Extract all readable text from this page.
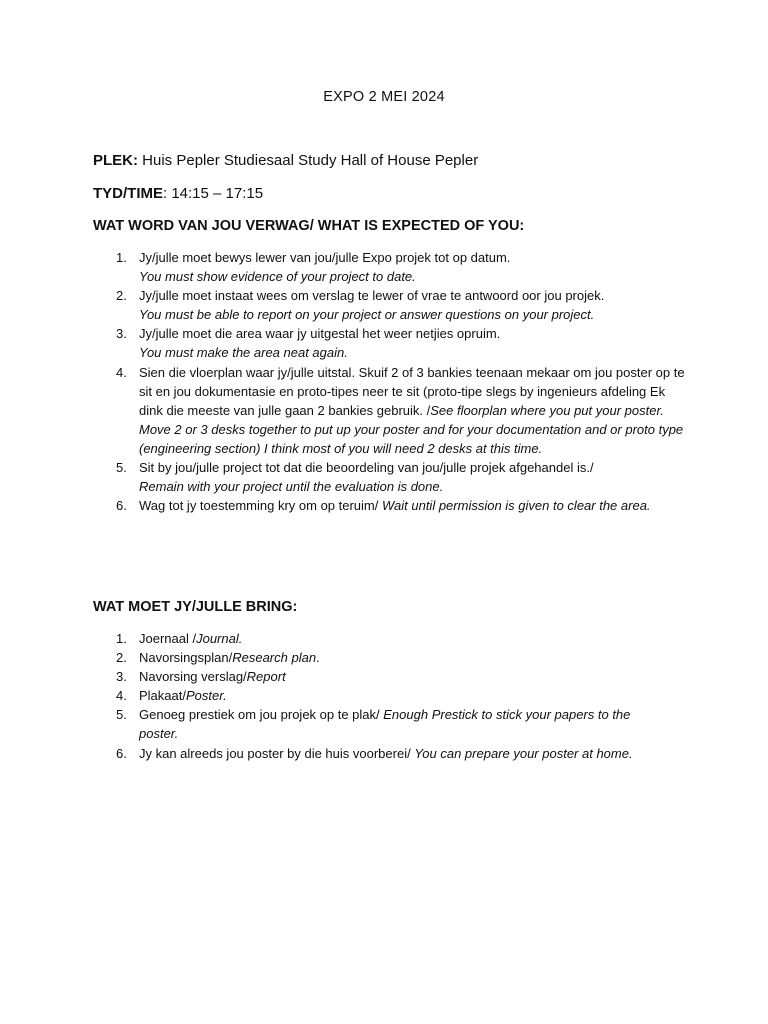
EXPO 2 MEI 2024
PLEK: Huis Pepler Studiesaal Study Hall of House Pepler
TYD/TIME: 14:15 – 17:15
WAT WORD VAN JOU VERWAG/ WHAT IS EXPECTED OF YOU:
1. Jy/julle moet bewys lewer van jou/julle Expo projek tot op datum.
You must show evidence of your project to date.
2. Jy/julle moet instaat wees om verslag te lewer of vrae te antwoord oor jou projek.
You must be able to report on your project or answer questions on your project.
3. Jy/julle moet die area waar jy uitgestal het weer netjies opruim.
You must make the area neat again.
4. Sien die vloerplan waar jy/julle uitstal. Skuif 2 of 3 bankies teenaan mekaar om jou poster op te sit en jou dokumentasie en proto-tipes neer te sit (proto-tipe slegs by ingenieurs afdeling Ek dink die meeste van julle gaan 2 bankies gebruik. /See floorplan where you put your poster. Move 2 or 3 desks together to put up your poster and for your documentation and or proto type (engineering section) I think most of you will need 2 desks at this time.
5. Sit by jou/julle project tot dat die beoordeling van jou/julle projek afgehandel is./
Remain with your project until the evaluation is done.
6. Wag tot jy toestemming kry om op teruim/ Wait until permission is given to clear the area.
WAT MOET JY/JULLE BRING:
1. Joernaal /Journal.
2. Navorsingsplan/Research plan.
3. Navorsing verslag/Report
4. Plakaat/Poster.
5. Genoeg prestiek om jou projek op te plak/ Enough Prestick to stick your papers to the poster.
6. Jy kan alreeds jou poster by die huis voorberei/ You can prepare your poster at home.
